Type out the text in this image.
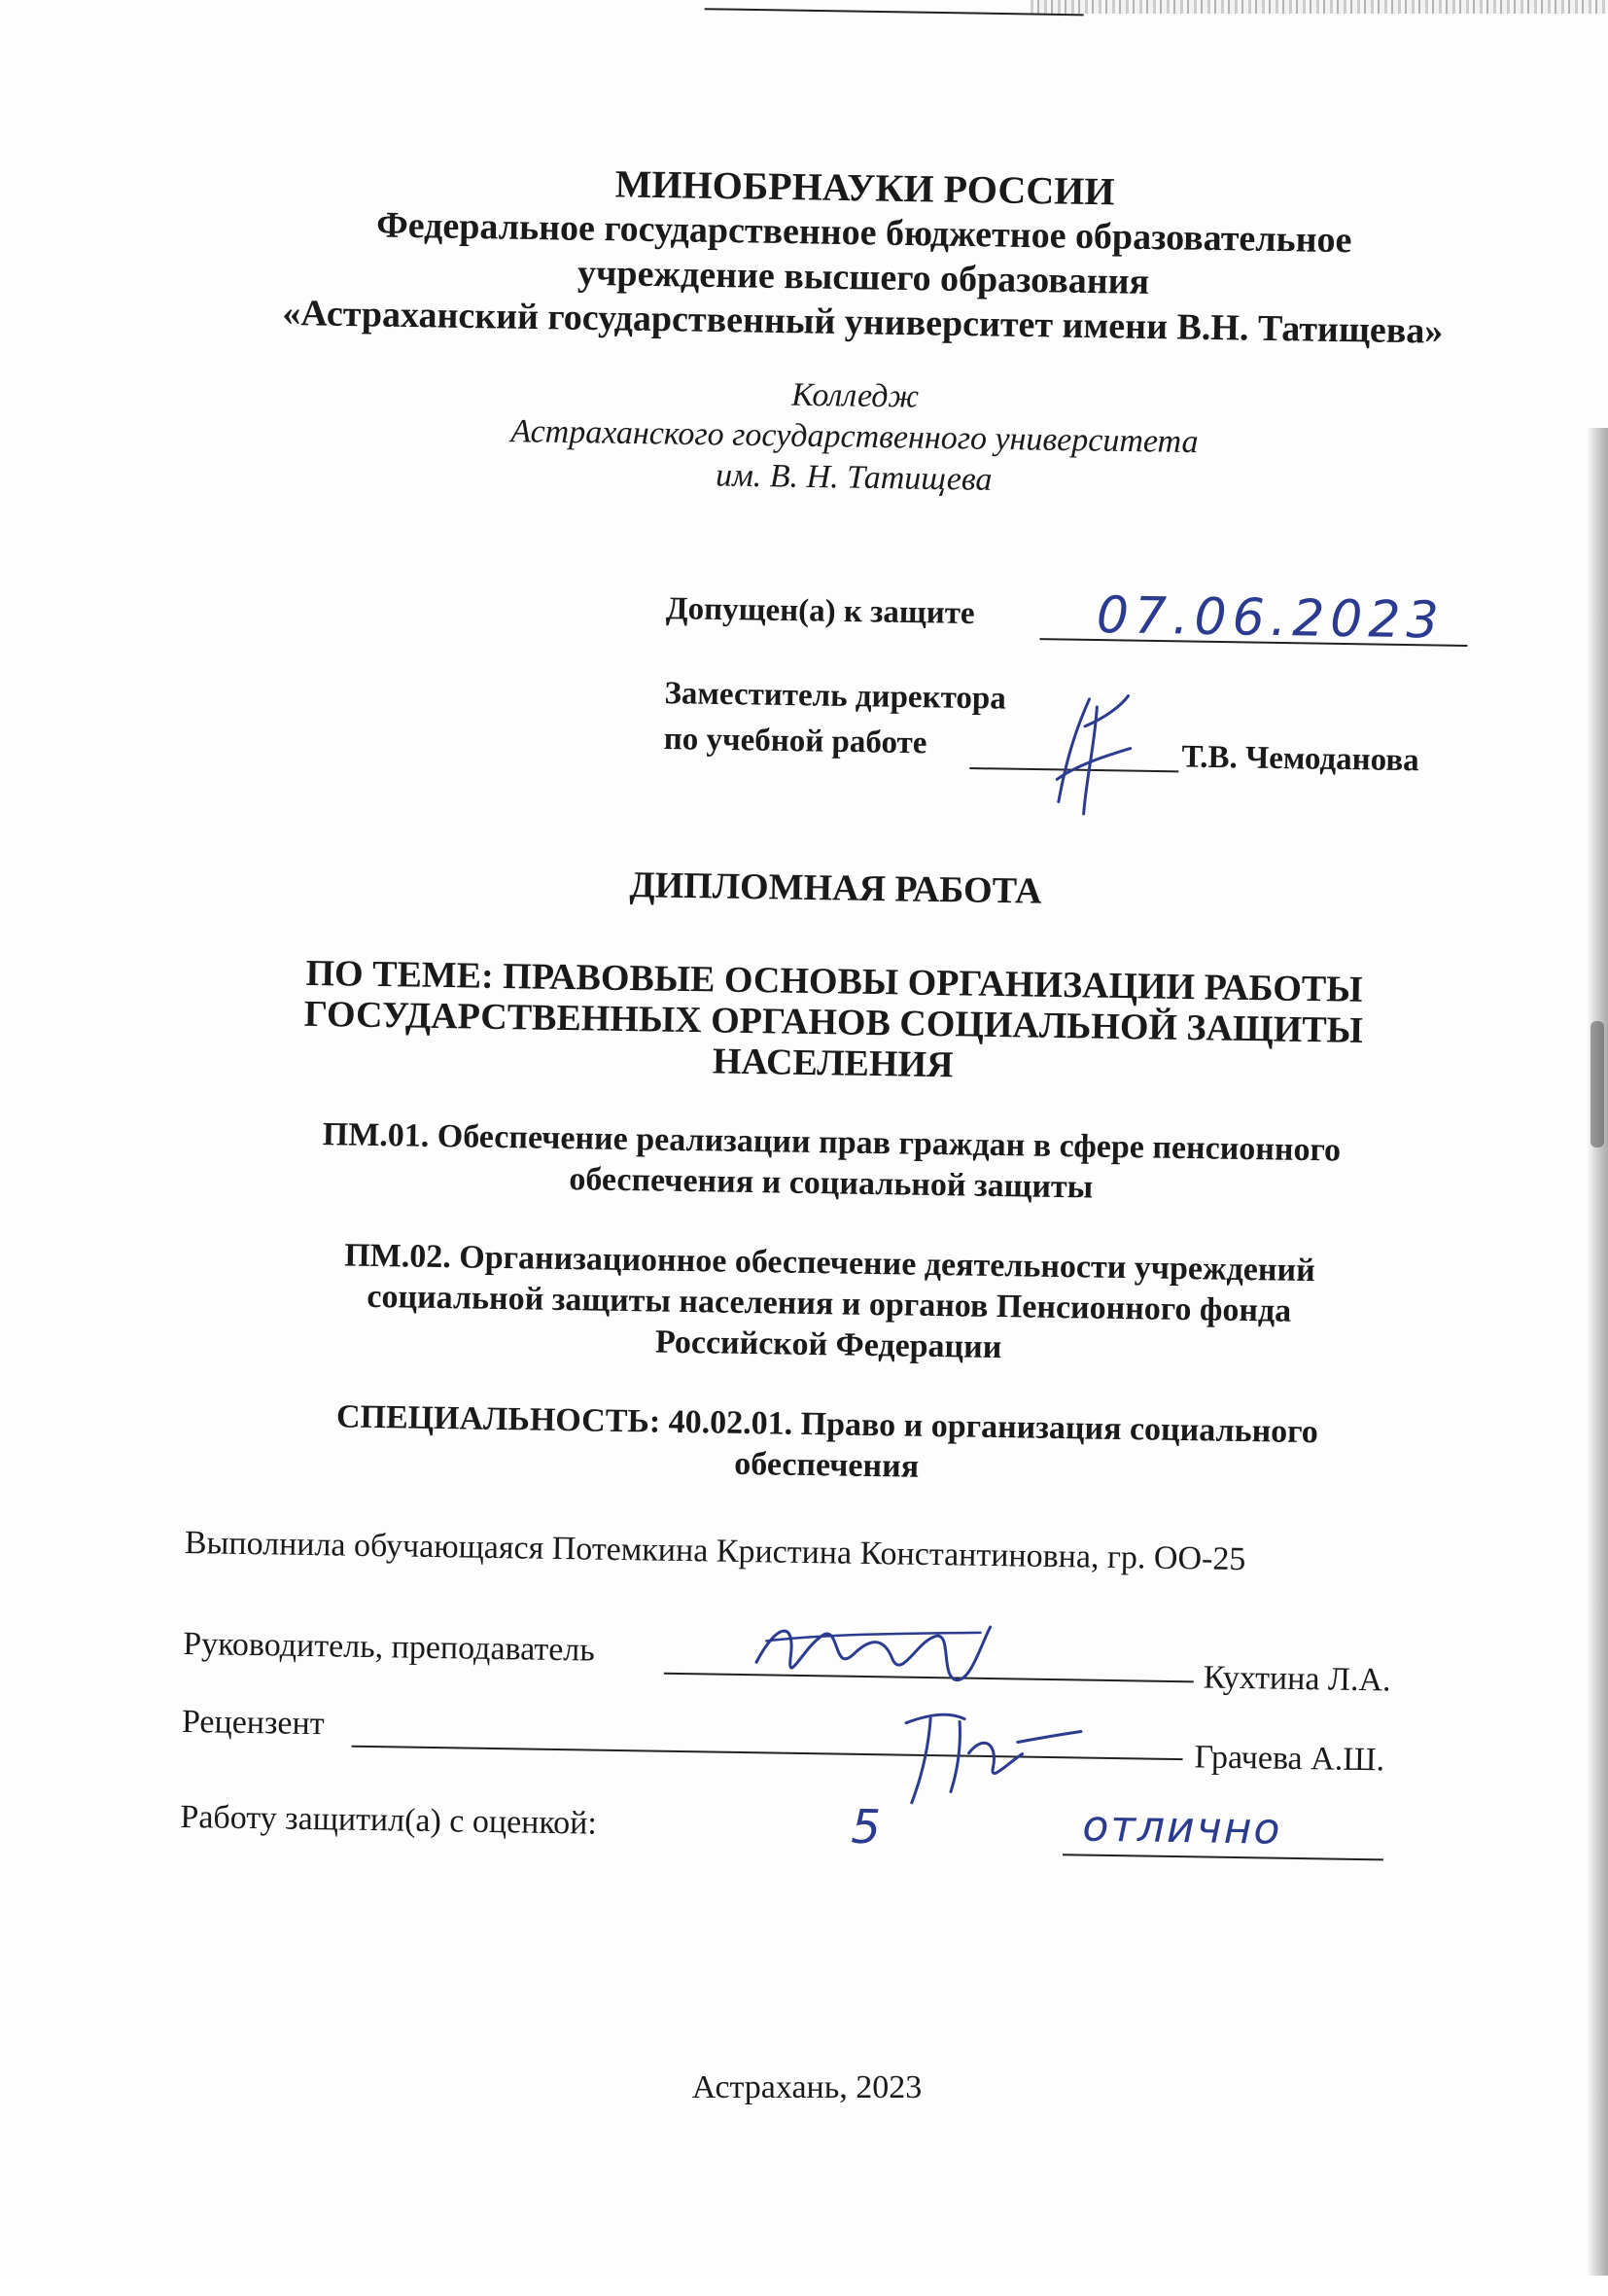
МИНОБРНАУКИ РОССИИ
Федеральное государственное бюджетное образовательное
учреждение высшего образования
«Астраханский государственный университет имени В.Н. Татищева»
Колледж
Астраханского государственного университета
им. В. Н. Татищева
Допущен(а) к защите 07.06.2023
Заместитель директора
по учебной работе	Т.В. Чемоданова
ДИПЛОМНАЯ РАБОТА
ПО ТЕМЕ: ПРАВОВЫЕ ОСНОВЫ ОРГАНИЗАЦИИ РАБОТЫ
ГОСУДАРСТВЕННЫХ ОРГАНОВ СОЦИАЛЬНОЙ ЗАЩИТЫ
НАСЕЛЕНИЯ
ПМ.01. Обеспечение реализации прав граждан в сфере пенсионного
обеспечения и социальной защиты
ПМ.02. Организационное обеспечение деятельности учреждений
социальной защиты населения и органов Пенсионного фонда
Российской Федерации
СПЕЦИАЛЬНОСТЬ: 40.02.01. Право и организация социального
обеспечения
Выполнила обучающаяся Потемкина Кристина Константиновна, гр. ОО-25
Руководитель, преподаватель
Кухтина Л.А.
Рецензент
Грачева А.Ш.
Работу защитил(а) с оценкой:	5	отлично
Астрахань, 2023
